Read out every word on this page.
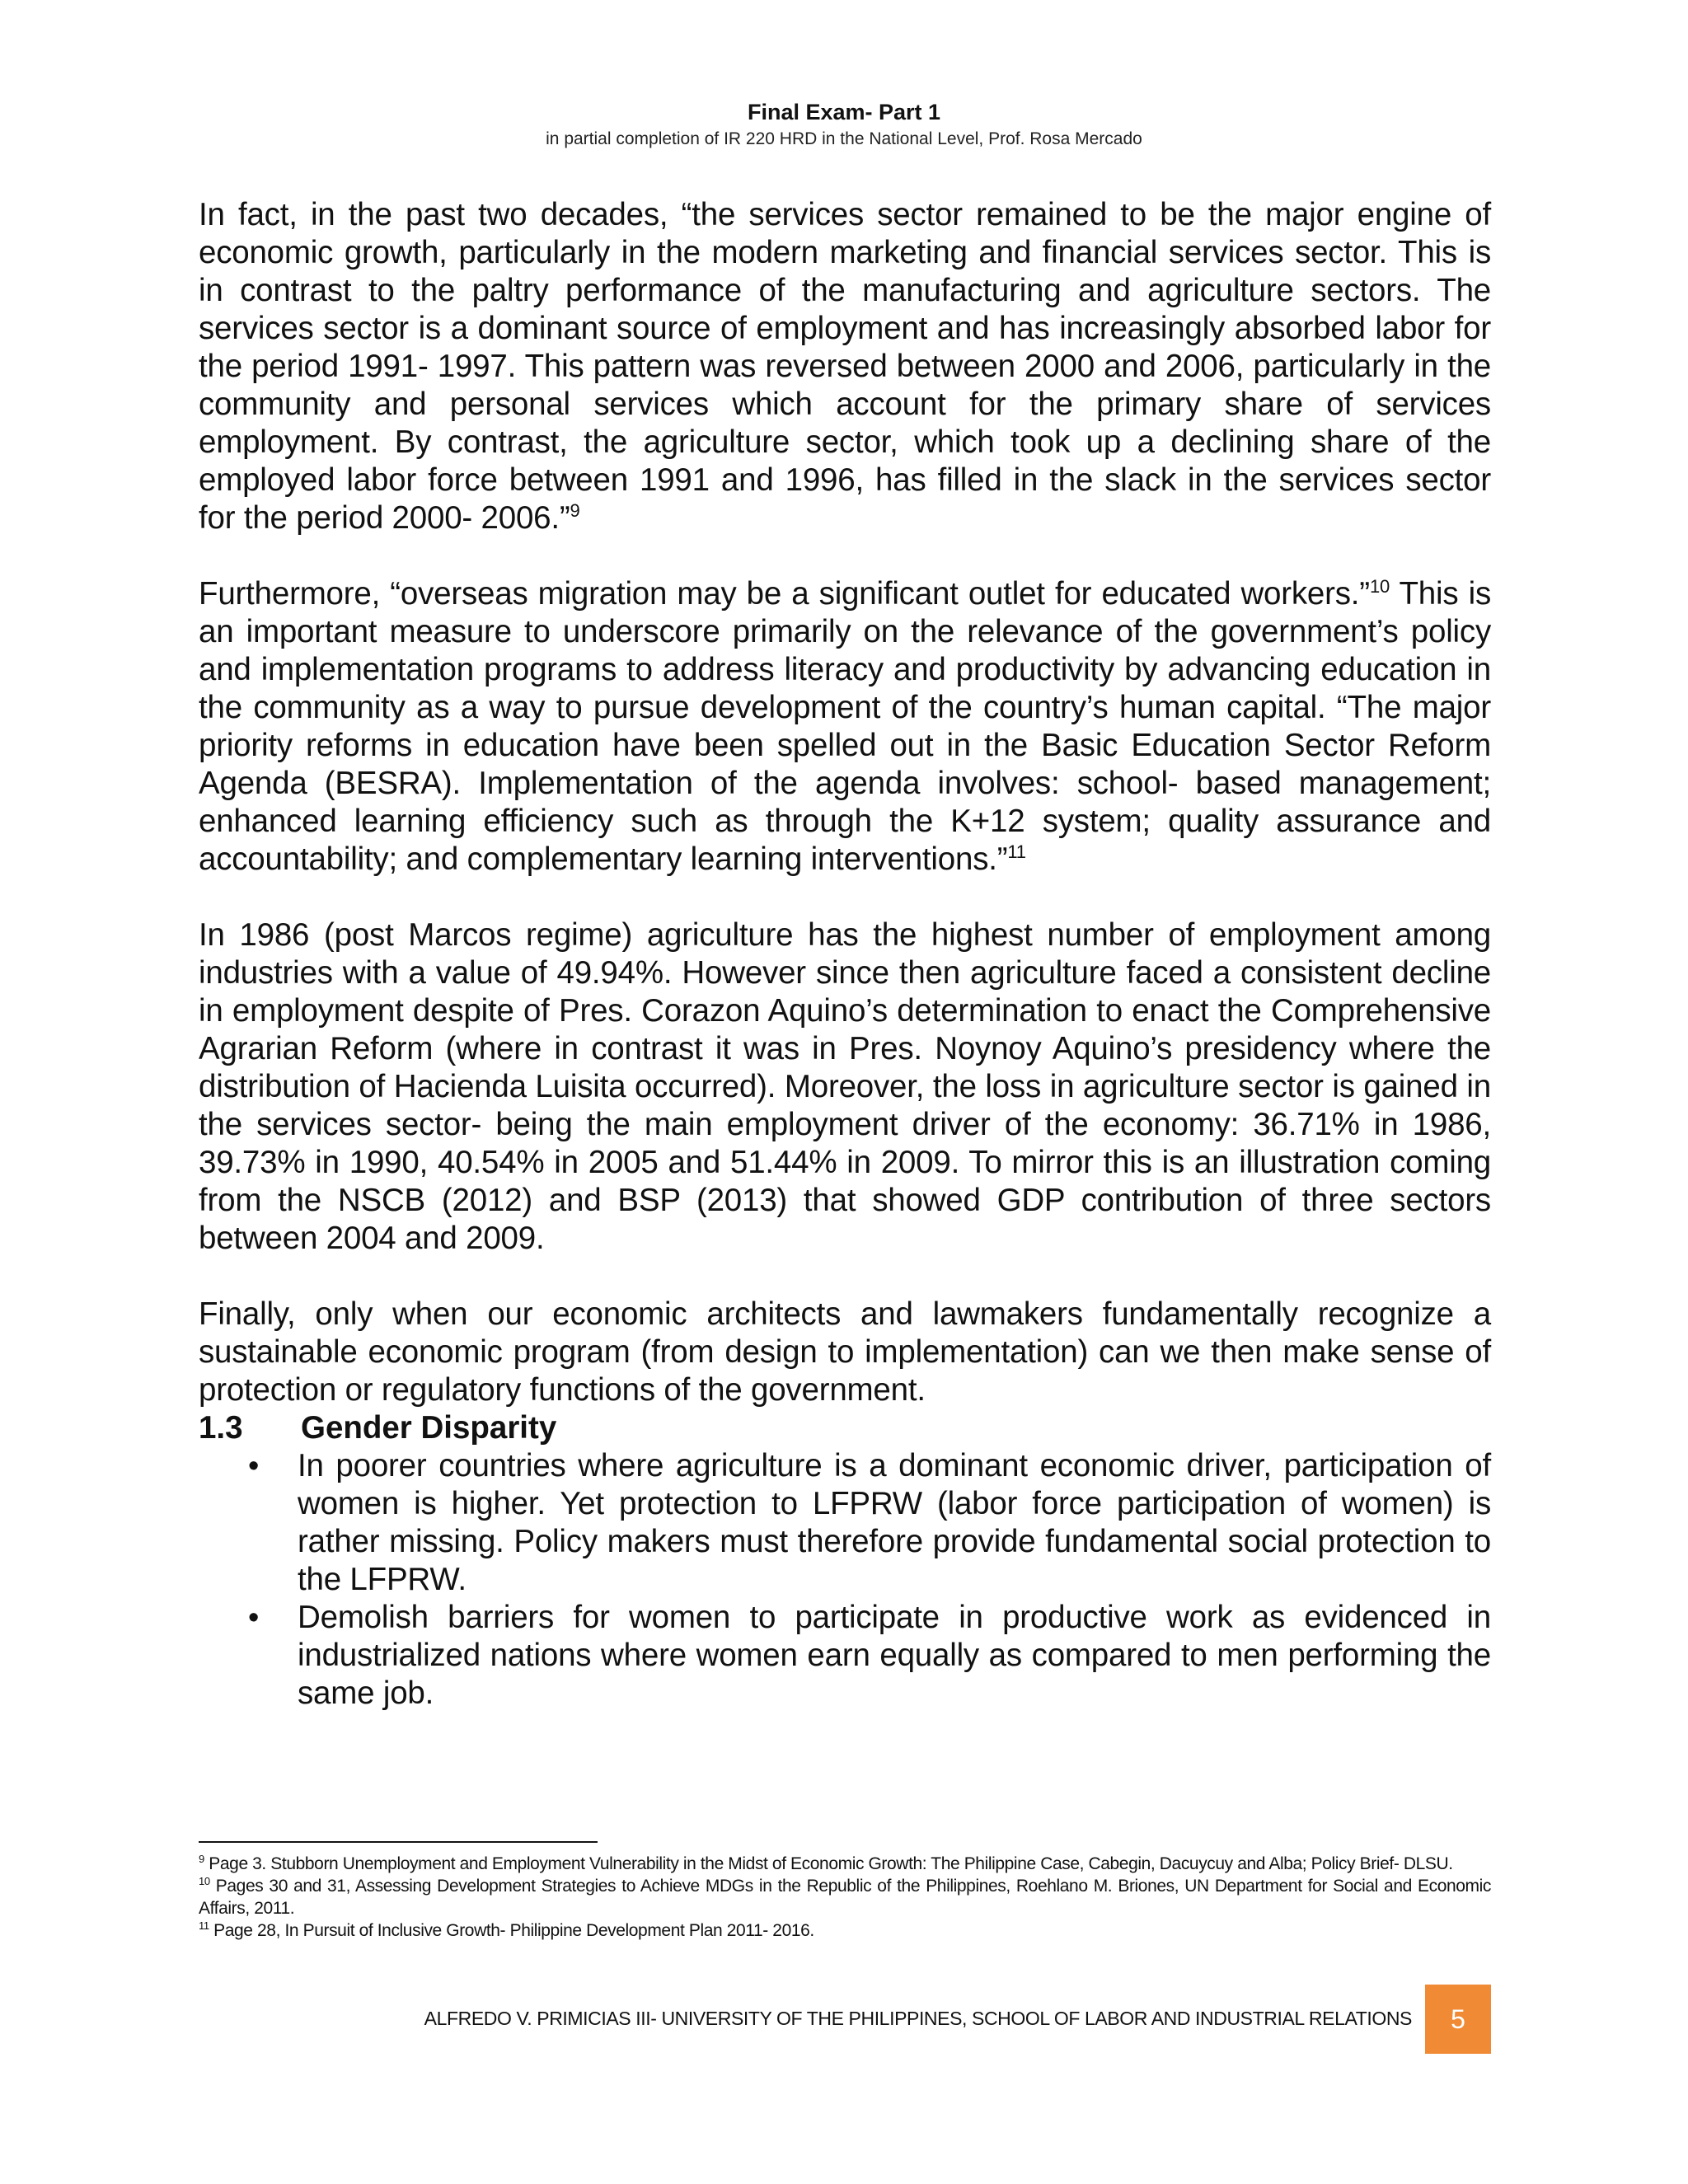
Final Exam- Part 1
in partial completion of IR 220 HRD in the National Level, Prof. Rosa Mercado

In fact, in the past two decades, “the services sector remained to be the major engine of economic growth, particularly in the modern marketing and financial services sector. This is in contrast to the paltry performance of the manufacturing and agriculture sectors. The services sector is a dominant source of employment and has increasingly absorbed labor for the period 1991- 1997. This pattern was reversed between 2000 and 2006, particularly in the community and personal services which account for the primary share of services employment. By contrast, the agriculture sector, which took up a declining share of the employed labor force between 1991 and 1996, has filled in the slack in the services sector for the period 2000- 2006.”$^9$

Furthermore, “overseas migration may be a significant outlet for educated workers.”$^{10}$ This is an important measure to underscore primarily on the relevance of the government’s policy and implementation programs to address literacy and productivity by advancing education in the community as a way to pursue development of the country’s human capital. “The major priority reforms in education have been spelled out in the Basic Education Sector Reform Agenda (BESRA). Implementation of the agenda involves: school- based management; enhanced learning efficiency such as through the K+12 system; quality assurance and accountability; and complementary learning interventions.”$^{11}$

In 1986 (post Marcos regime) agriculture has the highest number of employment among industries with a value of 49.94%. However since then agriculture faced a consistent decline in employment despite of Pres. Corazon Aquino’s determination to enact the Comprehensive Agrarian Reform (where in contrast it was in Pres. Noynoy Aquino’s presidency where the distribution of Hacienda Luisita occurred). Moreover, the loss in agriculture sector is gained in the services sector- being the main employment driver of the economy: 36.71% in 1986, 39.73% in 1990, 40.54% in 2005 and 51.44% in 2009. To mirror this is an illustration coming from the NSCB (2012) and BSP (2013) that showed GDP contribution of three sectors between 2004 and 2009.

Finally, only when our economic architects and lawmakers fundamentally recognize a sustainable economic program (from design to implementation) can we then make sense of protection or regulatory functions of the government.

1.3	Gender Disparity
• In poorer countries where agriculture is a dominant economic driver, participation of women is higher. Yet protection to LFPRW (labor force participation of women) is rather missing. Policy makers must therefore provide fundamental social protection to the LFPRW.
• Demolish barriers for women to participate in productive work as evidenced in industrialized nations where women earn equally as compared to men performing the same job.
$^9$ Page 3. Stubborn Unemployment and Employment Vulnerability in the Midst of Economic Growth: The Philippine Case, Cabegin, Dacuycuy and Alba; Policy Brief- DLSU.
$^{10}$ Pages 30 and 31, Assessing Development Strategies to Achieve MDGs in the Republic of the Philippines, Roehlano M. Briones, UN Department for Social and Economic Affairs, 2011.
$^{11}$ Page 28, In Pursuit of Inclusive Growth- Philippine Development Plan 2011- 2016.
ALFREDO V. PRIMICIAS III- UNIVERSITY OF THE PHILIPPINES, SCHOOL OF LABOR AND INDUSTRIAL RELATIONS	5
